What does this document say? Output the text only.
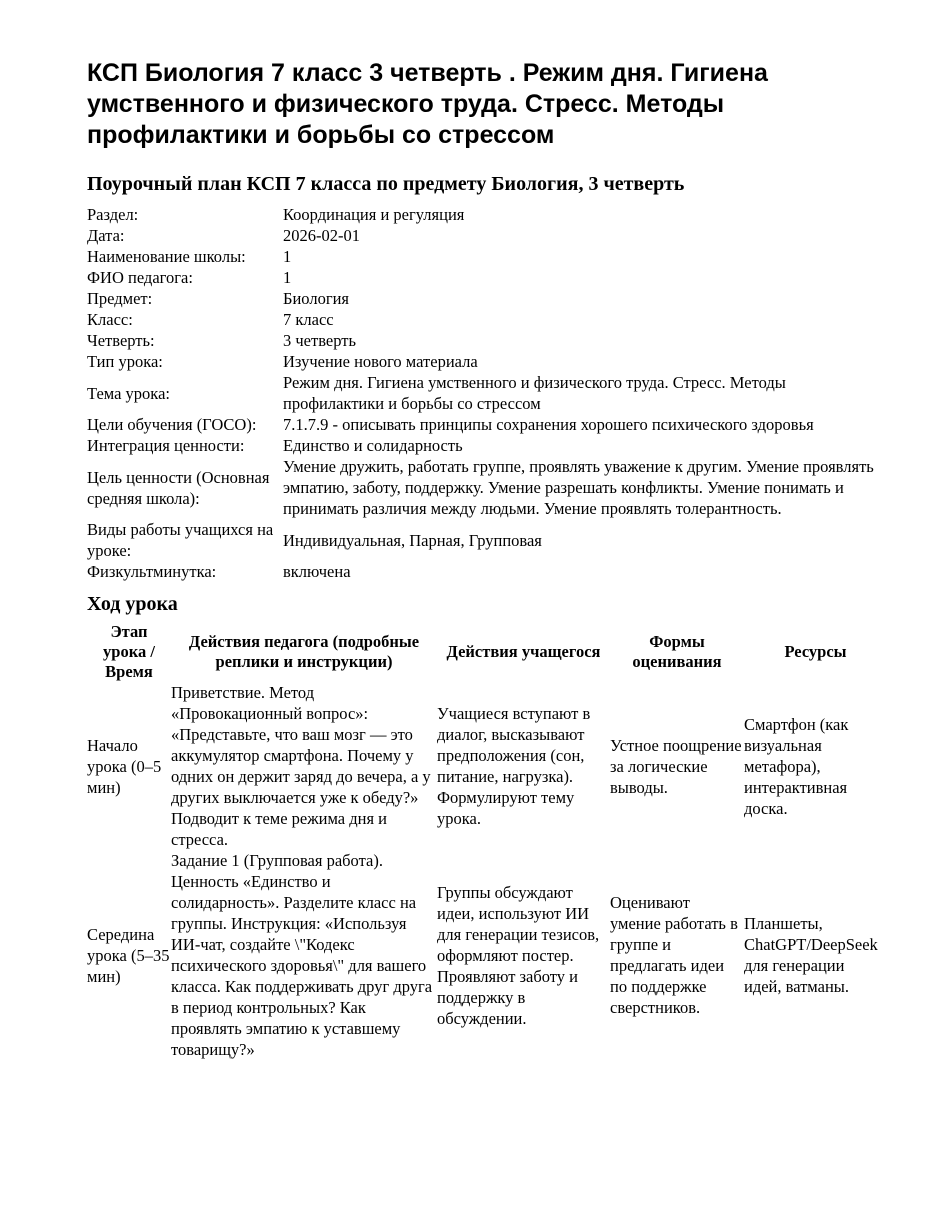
КСП Биология 7 класс 3 четверть . Режим дня. Гигиена умственного и физического труда. Стресс. Методы профилактики и борьбы со стрессом
Поурочный план КСП 7 класса по предмету Биология, 3 четверть
Раздел:	Координация и регуляция
Дата:	2026-02-01
Наименование школы:	1
ФИО педагога:	1
Предмет:	Биология
Класс:	7 класс
Четверть:	3 четверть
Тип урока:	Изучение нового материала
Тема урока:	Режим дня. Гигиена умственного и физического труда. Стресс. Методы профилактики и борьбы со стрессом
Цели обучения (ГОСО):	7.1.7.9 - описывать принципы сохранения хорошего психического здоровья
Интеграция ценности:	Единство и солидарность
Цель ценности (Основная средняя школа):	Умение дружить, работать группе, проявлять уважение к другим. Умение проявлять эмпатию, заботу, поддержку. Умение разрешать конфликты. Умение понимать и принимать различия между людьми. Умение проявлять толерантность.
Виды работы учащихся на уроке:	Индивидуальная, Парная, Групповая
Физкультминутка:	включена
Ход урока
Этап урока / Время	Действия педагога (подробные реплики и инструкции)	Действия учащегося	Формы оценивания	Ресурсы
Начало урока (0–5 мин)	Приветствие. Метод «Провокационный вопрос»: «Представьте, что ваш мозг — это аккумулятор смартфона. Почему у одних он держит заряд до вечера, а у других выключается уже к обеду?» Подводит к теме режима дня и стресса.	Учащиеся вступают в диалог, высказывают предположения (сон, питание, нагрузка). Формулируют тему урока.	Устное поощрение за логические выводы.	Смартфон (как визуальная метафора), интерактивная доска.
Середина урока (5–35 мин)	Задание 1 (Групповая работа). Ценность «Единство и солидарность». Разделите класс на группы. Инструкция: «Используя ИИ-чат, создайте \"Кодекс психического здоровья\" для вашего класса. Как поддерживать друг друга в период контрольных? Как проявлять эмпатию к уставшему товарищу?»	Группы обсуждают идеи, используют ИИ для генерации тезисов, оформляют постер. Проявляют заботу и поддержку в обсуждении.	Оценивают умение работать в группе и предлагать идеи по поддержке сверстников.	Планшеты, ChatGPT/DeepSeek для генерации идей, ватманы.
